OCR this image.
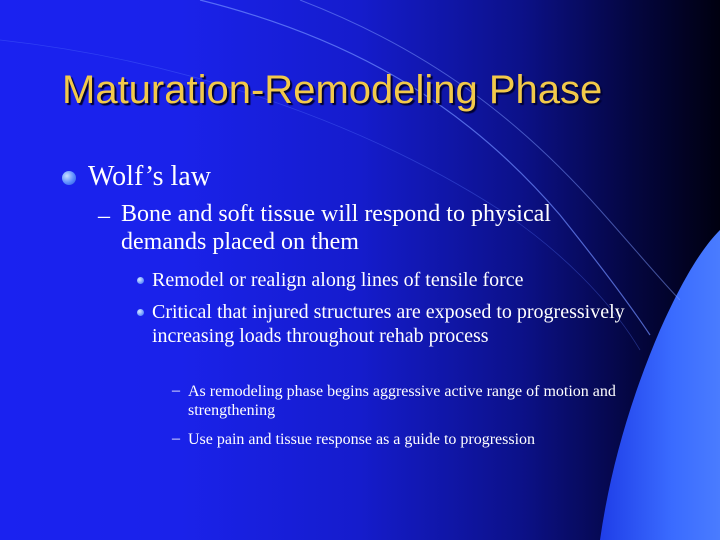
Maturation-Remodeling Phase
Wolf’s law
– Bone and soft tissue will respond to physical demands placed on them
Remodel or realign along lines of tensile force
Critical that injured structures are exposed to progressively increasing loads throughout rehab process
– As remodeling phase begins aggressive active range of motion and strengthening
– Use pain and tissue response as a guide to progression
